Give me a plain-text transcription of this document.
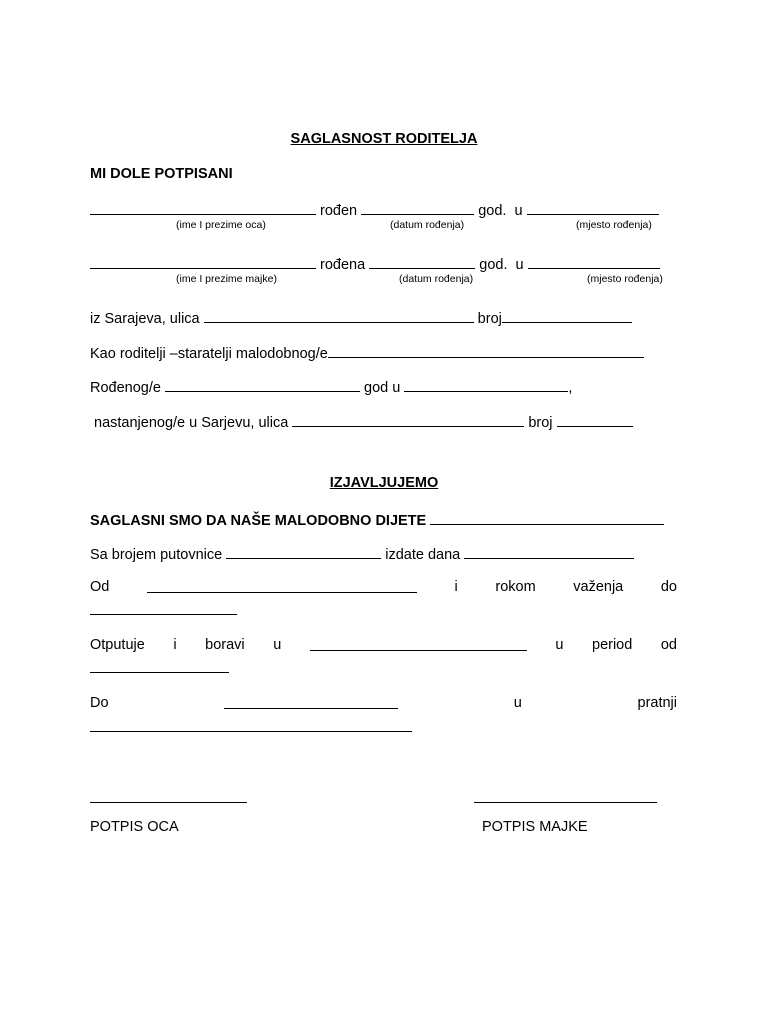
SAGLASNOST RODITELJA
MI DOLE POTPISANI
rođen	god. u
(ime I prezime oca)	(datum rođenja)	(mjesto rođenja)
rođena	god. u
(ime I prezime majke)	(datum rođenja)	(mjesto rođenja)
iz Sarajeva, ulica	broj
Kao roditelji –staratelji malodobnog/e
Rođenog/e	god u	,
nastanjenog/e u Sarjevu, ulica	broj
IZJAVLJUJEMO
SAGLASNI SMO DA NAŠE MALODOBNO DIJETE
Sa brojem putovnice	izdate dana
Od	i	rokom	važenja	do
Otputuje i boravi u	u period od
Do	u	pratnji
POTPIS OCA	POTPIS MAJKE
